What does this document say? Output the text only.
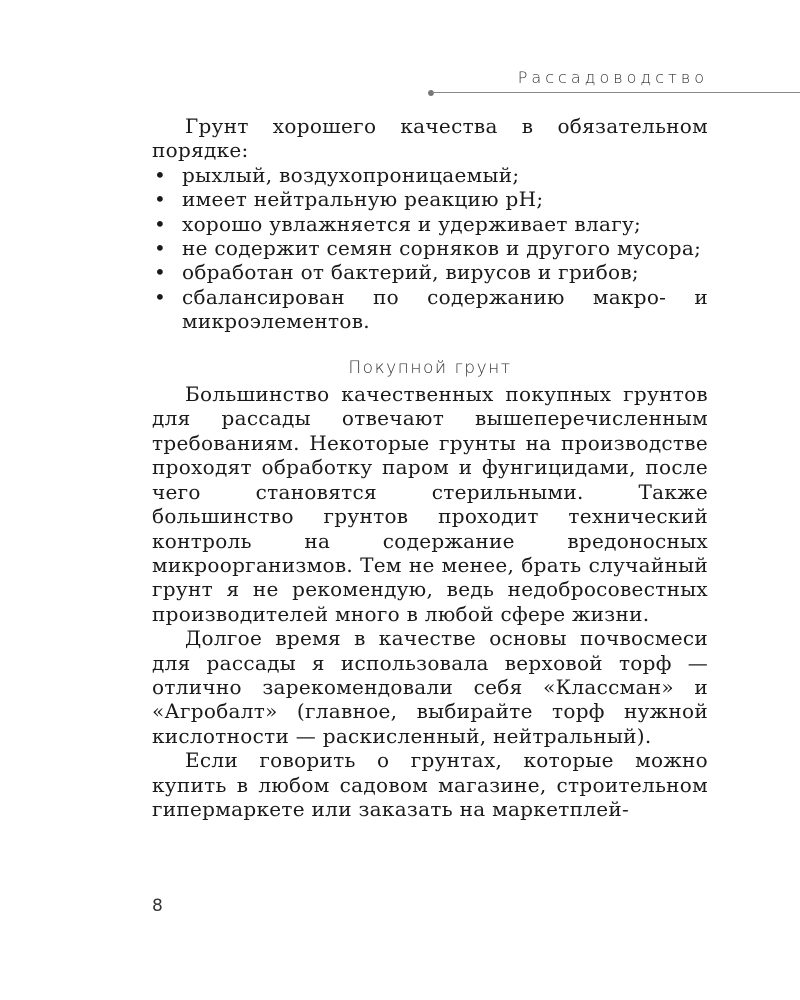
Рассадоводство

Грунт хорошего качества в обязательном порядке:

• рыхлый, воздухопроницаемый;
• имеет нейтральную реакцию рН;
• хорошо увлажняется и удерживает влагу;
• не содержит семян сорняков и другого мусора;
• обработан от бактерий, вирусов и грибов;
• сбалансирован по содержанию макро- и микроэлементов.
Покупной грунт

Большинство качественных покупных грунтов для рассады отвечают вышеперечисленным требованиям. Некоторые грунты на производстве проходят обработку паром и фунгицидами, после чего становятся стерильными. Также большинство грунтов проходит технический контроль на содержание вредоносных микроорганизмов. Тем не менее, брать случайный грунт я не рекомендую, ведь недобросовестных производителей много в любой сфере жизни.

Долгое время в качестве основы почвосмеси для рассады я использовала верховой торф — отлично зарекомендовали себя «Классман» и «Агробалт» (главное, выбирайте торф нужной кислотности — раскисленный, нейтральный).

Если говорить о грунтах, которые можно купить в любом садовом магазине, строительном гипермаркете или заказать на маркетплей-

8
